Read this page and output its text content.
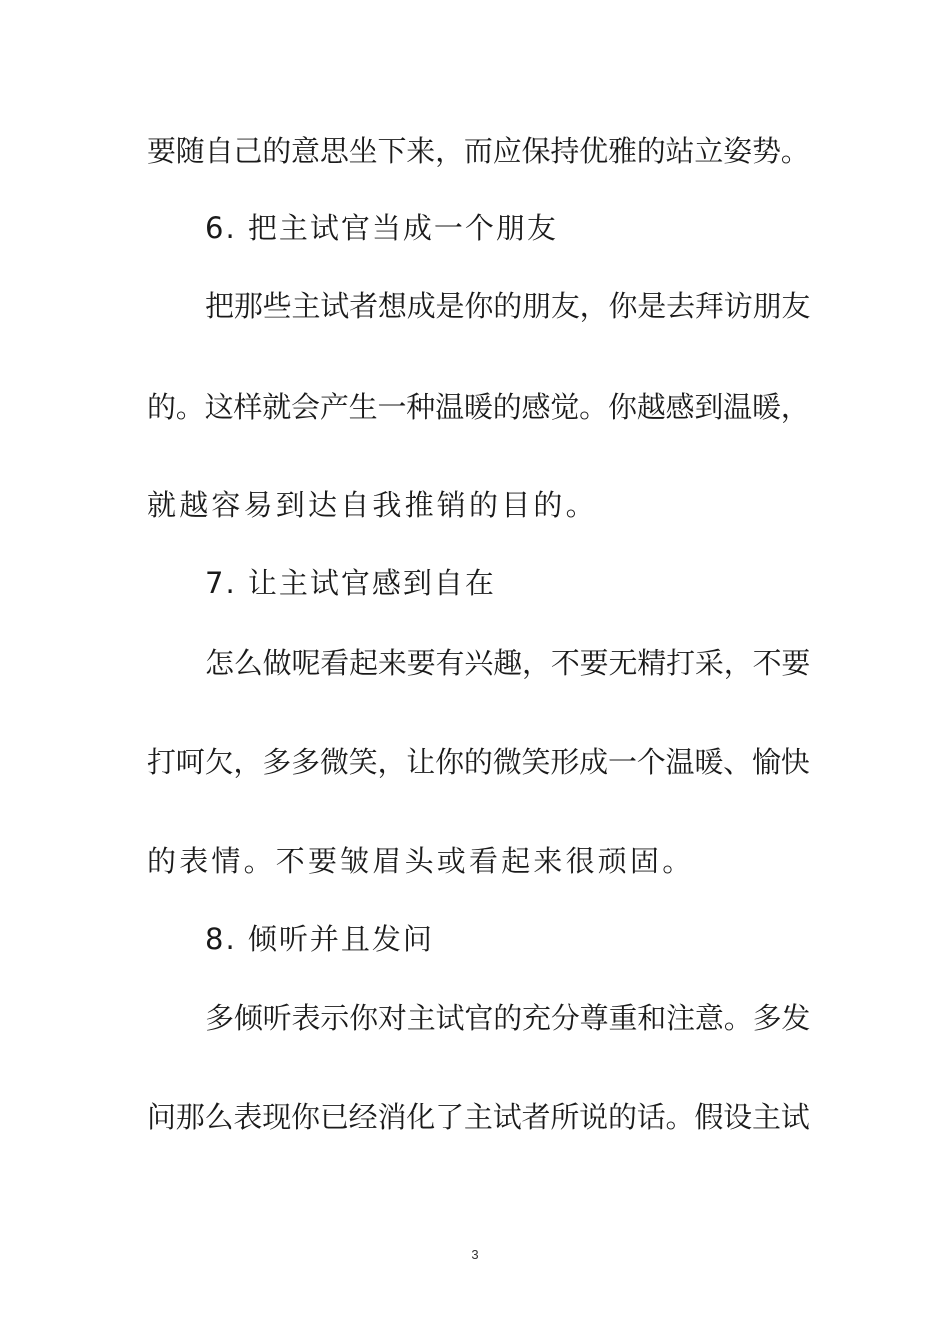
要随自己的意思坐下来，而应保持优雅的站立姿势。
6. 把主试官当成一个朋友
把那些主试者想成是你的朋友，你是去拜访朋友
的。这样就会产生一种温暖的感觉。你越感到温暖，
就越容易到达自我推销的目的。
7. 让主试官感到自在
怎么做呢看起来要有兴趣，不要无精打采，不要
打呵欠，多多微笑，让你的微笑形成一个温暖、愉快
的表情。不要皱眉头或看起来很顽固。
8. 倾听并且发问
多倾听表示你对主试官的充分尊重和注意。多发
问那么表现你已经消化了主试者所说的话。假设主试
3
